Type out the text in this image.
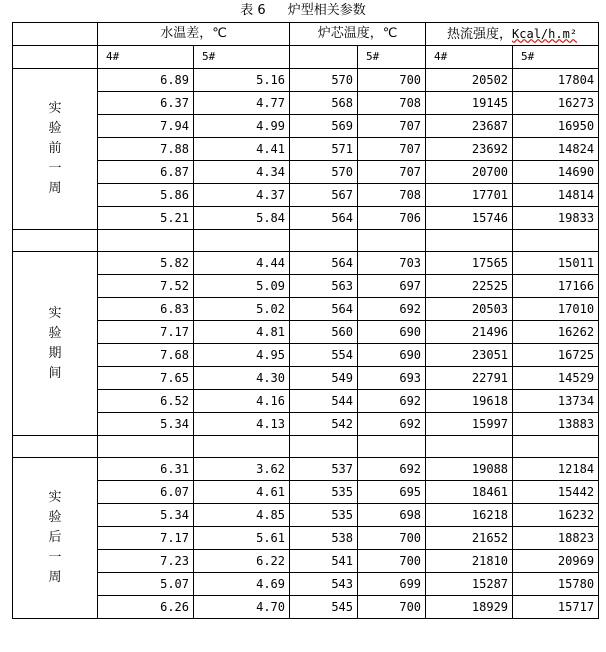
表 6 炉型相关参数
	水温差，℃		炉芯温度，℃		热流强度，Kcal/h.m²	
	4#	5#		5#	4#	5#
实验前一周	6.89	5.16	570	700	20502	17804
	6.37	4.77	568	708	19145	16273
	7.94	4.99	569	707	23687	16950
	7.88	4.41	571	707	23692	14824
	6.87	4.34	570	707	20700	14690
	5.86	4.37	567	708	17701	14814
	5.21	5.84	564	706	15746	19833

实验期间	5.82	4.44	564	703	17565	15011
	7.52	5.09	563	697	22525	17166
	6.83	5.02	564	692	20503	17010
	7.17	4.81	560	690	21496	16262
	7.68	4.95	554	690	23051	16725
	7.65	4.30	549	693	22791	14529
	6.52	4.16	544	692	19618	13734
	5.34	4.13	542	692	15997	13883

实验后一周	6.31	3.62	537	692	19088	12184
	6.07	4.61	535	695	18461	15442
	5.34	4.85	535	698	16218	16232
	7.17	5.61	538	700	21652	18823
	7.23	6.22	541	700	21810	20969
	5.07	4.69	543	699	15287	15780
	6.26	4.70	545	700	18929	15717
